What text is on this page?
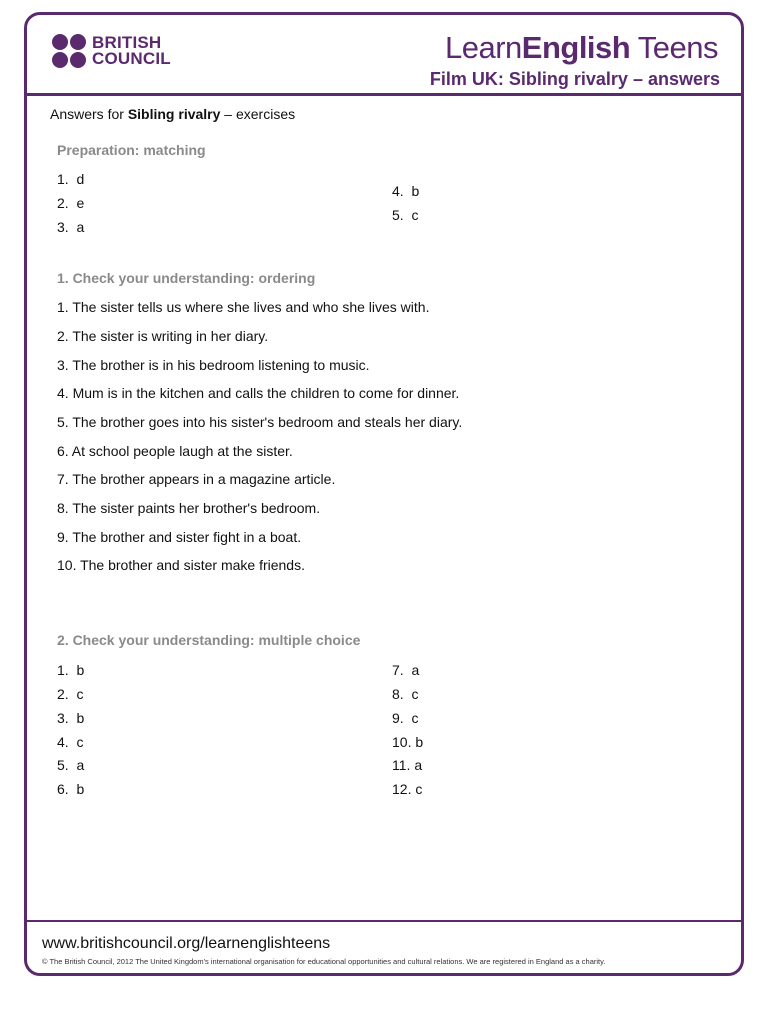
BRITISH
COUNCIL	LearnEnglish Teens
Film UK: Sibling rivalry – answers
Answers for Sibling rivalry – exercises
Preparation: matching
1.  d
2.  e
3.  a
4.  b
5.  c
1. Check your understanding: ordering
1. The sister tells us where she lives and who she lives with.
2. The sister is writing in her diary.
3. The brother is in his bedroom listening to music.
4. Mum is in the kitchen and calls the children to come for dinner.
5. The brother goes into his sister's bedroom and steals her diary.
6. At school people laugh at the sister.
7. The brother appears in a magazine article.
8. The sister paints her brother's bedroom.
9. The brother and sister fight in a boat.
10. The brother and sister make friends.
2. Check your understanding: multiple choice
1.  b
2.  c
3.  b
4.  c
5.  a
6.  b
7.  a
8.  c
9.  c
10. b
11. a
12. c
www.britishcouncil.org/learnenglishteens
© The British Council, 2012 The United Kingdom's international organisation for educational opportunities and cultural relations. We are registered in England as a charity.
